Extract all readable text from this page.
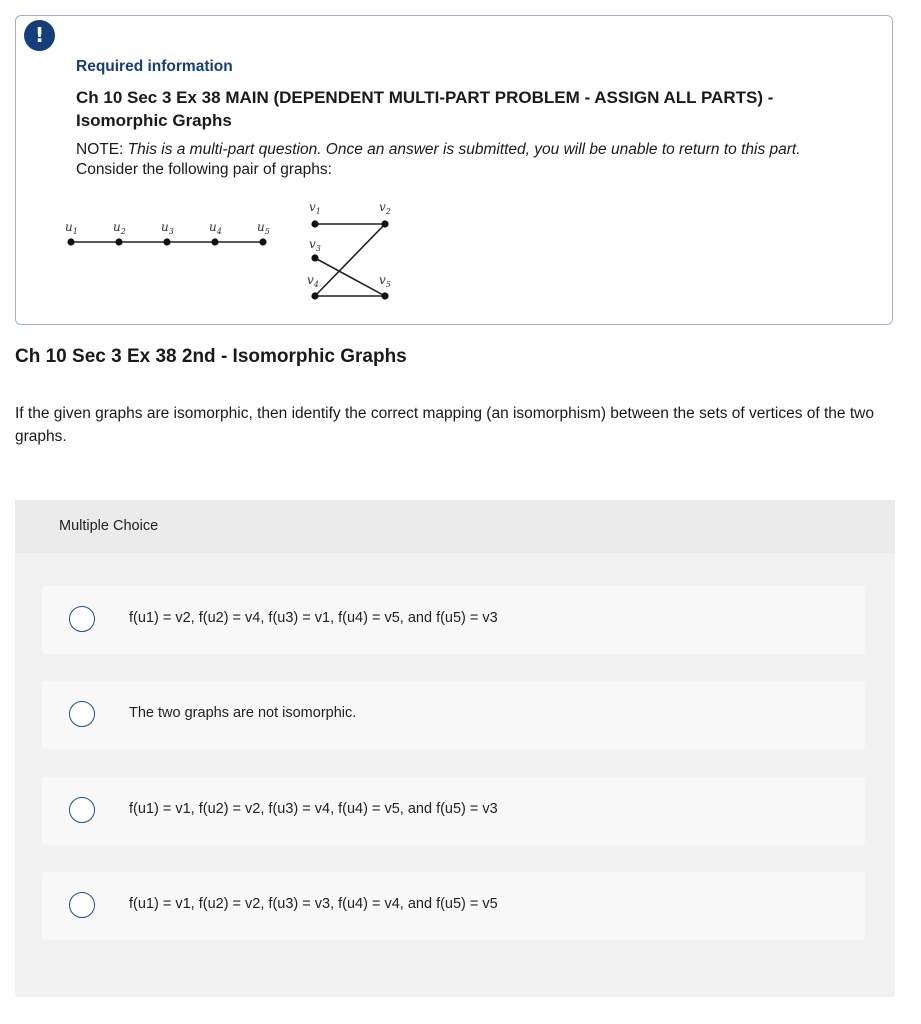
!
Required information
Ch 10 Sec 3 Ex 38 MAIN (DEPENDENT MULTI-PART PROBLEM - ASSIGN ALL PARTS) - Isomorphic Graphs
NOTE: This is a multi-part question. Once an answer is submitted, you will be unable to return to this part.
Consider the following pair of graphs:
$u_1$	$u_2$	$u_3$	$u_4$	$u_5$
$v_1$	$v_2$
$v_3$
$v_4$	$v_5$
Ch 10 Sec 3 Ex 38 2nd - Isomorphic Graphs
If the given graphs are isomorphic, then identify the correct mapping (an isomorphism) between the sets of vertices of the two graphs.
Multiple Choice
f(u1) = v2, f(u2) = v4, f(u3) = v1, f(u4) = v5, and f(u5) = v3
The two graphs are not isomorphic.
f(u1) = v1, f(u2) = v2, f(u3) = v4, f(u4) = v5, and f(u5) = v3
f(u1) = v1, f(u2) = v2, f(u3) = v3, f(u4) = v4, and f(u5) = v5
